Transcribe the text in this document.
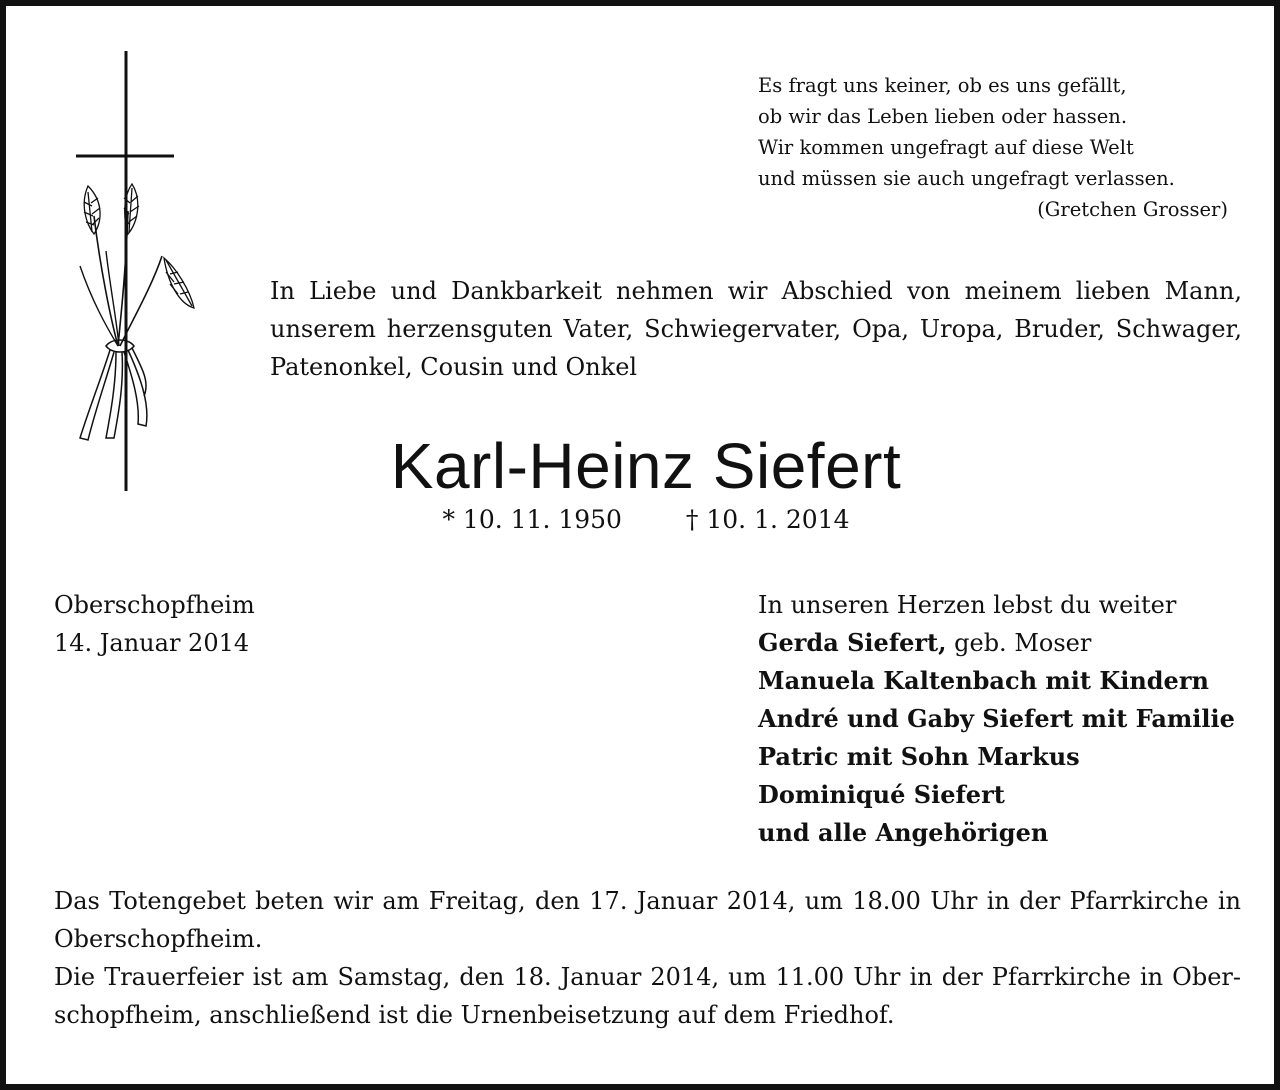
Es fragt uns keiner, ob es uns gefällt,
ob wir das Leben lieben oder hassen.
Wir kommen ungefragt auf diese Welt
und müssen sie auch ungefragt verlassen.
(Gretchen Grosser)
In Liebe und Dankbarkeit nehmen wir Abschied von meinem lieben Mann,
unserem herzensguten Vater, Schwiegervater, Opa, Uropa, Bruder, Schwager,
Patenonkel, Cousin und Onkel
Karl-Heinz Siefert
* 10. 11. 1950	† 10. 1. 2014
Oberschopfheim
14. Januar 2014
In unseren Herzen lebst du weiter
Gerda Siefert, geb. Moser
Manuela Kaltenbach mit Kindern
André und Gaby Siefert mit Familie
Patric mit Sohn Markus
Dominiqué Siefert
und alle Angehörigen
Das Totengebet beten wir am Freitag, den 17. Januar 2014, um 18.00 Uhr in der Pfarrkirche in
Oberschopfheim.
Die Trauerfeier ist am Samstag, den 18. Januar 2014, um 11.00 Uhr in der Pfarrkirche in Ober-
schopfheim, anschließend ist die Urnenbeisetzung auf dem Friedhof.
